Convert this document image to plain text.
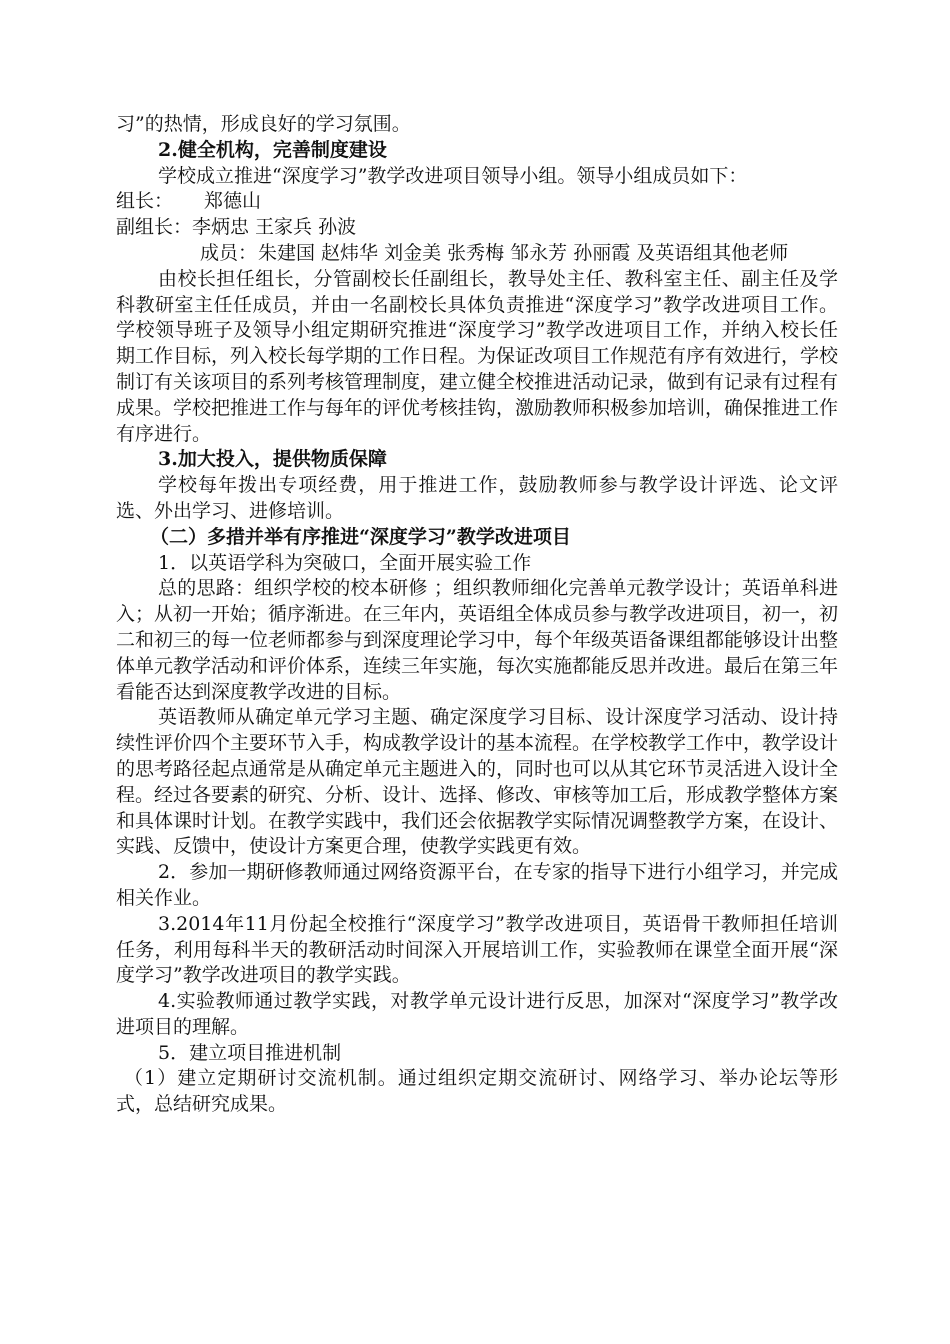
习”的热情，形成良好的学习氛围。

2.健全机构，完善制度建设

学校成立推进“深度学习”教学改进项目领导小组。领导小组成员如下：

组长： 郑德山

副组长：李炳忠 王家兵 孙波

成员：朱建国 赵炜华 刘金美 张秀梅 邹永芳 孙丽霞 及英语组其他老师

由校长担任组长，分管副校长任副组长，教导处主任、教科室主任、副主任及学科教研室主任任成员，并由一名副校长具体负责推进“深度学习”教学改进项目工作。学校领导班子及领导小组定期研究推进“深度学习”教学改进项目工作，并纳入校长任期工作目标，列入校长每学期的工作日程。为保证改项目工作规范有序有效进行，学校制订有关该项目的系列考核管理制度，建立健全校推进活动记录，做到有记录有过程有成果。学校把推进工作与每年的评优考核挂钩，激励教师积极参加培训，确保推进工作有序进行。

3.加大投入，提供物质保障

学校每年拨出专项经费，用于推进工作，鼓励教师参与教学设计评选、论文评选、外出学习、进修培训。

（二）多措并举有序推进“深度学习”教学改进项目

1．以英语学科为突破口，全面开展实验工作

总的思路：组织学校的校本研修 ；组织教师细化完善单元教学设计；英语单科进入；从初一开始；循序渐进。在三年内，英语组全体成员参与教学改进项目，初一，初二和初三的每一位老师都参与到深度理论学习中，每个年级英语备课组都能够设计出整体单元教学活动和评价体系，连续三年实施，每次实施都能反思并改进。最后在第三年看能否达到深度教学改进的目标。

英语教师从确定单元学习主题、确定深度学习目标、设计深度学习活动、设计持续性评价四个主要环节入手，构成教学设计的基本流程。在学校教学工作中，教学设计的思考路径起点通常是从确定单元主题进入的，同时也可以从其它环节灵活进入设计全程。经过各要素的研究、分析、设计、选择、修改、审核等加工后，形成教学整体方案和具体课时计划。在教学实践中，我们还会依据教学实际情况调整教学方案，在设计、实践、反馈中，使设计方案更合理，使教学实践更有效。

2．参加一期研修教师通过网络资源平台，在专家的指导下进行小组学习，并完成相关作业。

3.2014年11月份起全校推行“深度学习”教学改进项目，英语骨干教师担任培训任务，利用每科半天的教研活动时间深入开展培训工作，实验教师在课堂全面开展“深度学习”教学改进项目的教学实践。

4.实验教师通过教学实践，对教学单元设计进行反思，加深对“深度学习”教学改进项目的理解。

5．建立项目推进机制

（1）建立定期研讨交流机制。通过组织定期交流研讨、网络学习、举办论坛等形式，总结研究成果。
